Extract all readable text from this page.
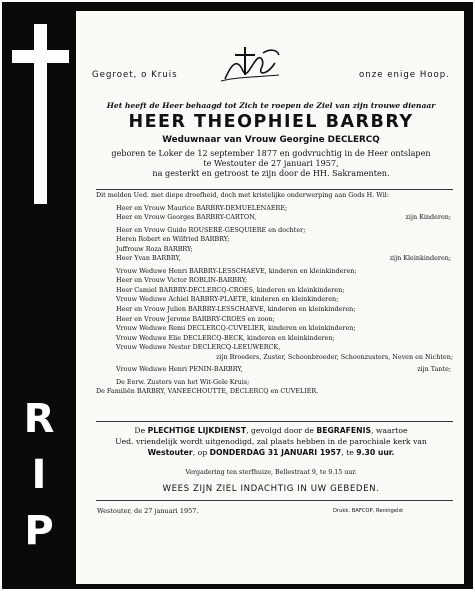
R
I
P
Gegroet, o Kruis	onze enige Hoop.
Het heeft de Heer behaagd tot Zich te roepen de Ziel van zijn trouwe dienaar
HEER THEOPHIEL BARBRY
Weduwnaar van Vrouw Georgine DECLERCQ
geboren te Loker de 12 september 1877 en godvruchtig in de Heer ontslapen
te Westouter de 27 januari 1957,
na gesterkt en getroost te zijn door de HH. Sakramenten.
Dit melden Ued. met diepe droefheid, doch met kristelijke onderwerping aan Gods H. Wil:
Heer en Vrouw Maurice BARBRY-DEMUELENAERE;
Heer en Vrouw Georges BARBRY-CARTON,	zijn Kinderen;
Heer en Vrouw Guido ROUSERÉ-GESQUIERE en dochter;
Heren Robert en Wilfried BARBRY;
Juffrouw Roza BARBRY;
Heer Yvan BARBRY,	zijn Kleinkinderen;
Vrouw Weduwe Henri BARBRY-LESSCHAEVE, kinderen en kleinkinderen;
Heer en Vrouw Victor ROBLIN-BARBRY;
Heer Camiel BARBRY-DECLERCQ-CROES, kinderen en kleinkinderen;
Vrouw Weduwe Achiel BARBRY-PLAETE, kinderen en kleinkinderen;
Heer en Vrouw Julien BARBRY-LESSCHAEVE, kinderen en kleinkinderen;
Heer en Vrouw Jerome BARBRY-CROES en zoon;
Vrouw Weduwe Remi DECLERCQ-CUVELIER, kinderen en kleinkinderen;
Vrouw Weduwe Elie DECLERCQ-BECK, kinderen en kleinkinderen;
Vrouw Weduwe Nestor DECLERCQ-LEEUWERCK,
zijn Broeders, Zuster, Schoonbroeder, Schoonzusters, Neven en Nichten;
Vrouw Weduwe Henri PENIN-BARBRY,	zijn Tante;
De Eerw. Zusters van het Wit-Gele Kruis;
De Familiën BARBRY, VANEECHOUTTE, DECLERCQ en CUVELIER.
De PLECHTIGE LIJKDIENST, gevolgd door de BEGRAFENIS, waartoe
Ued. vriendelijk wordt uitgenodigd, zal plaats hebben in de parochiale kerk van
Westouter, op DONDERDAG 31 JANUARI 1957, te 9.30 uur.
Vergadering ten sterfhuize, Bellestraat 9, te 9.15 uur.
WEES ZIJN ZIEL INDACHTIG IN UW GEBEDEN.
Westouter, de 27 januari 1957.	Drukk. BAFCOP, Reningelst
